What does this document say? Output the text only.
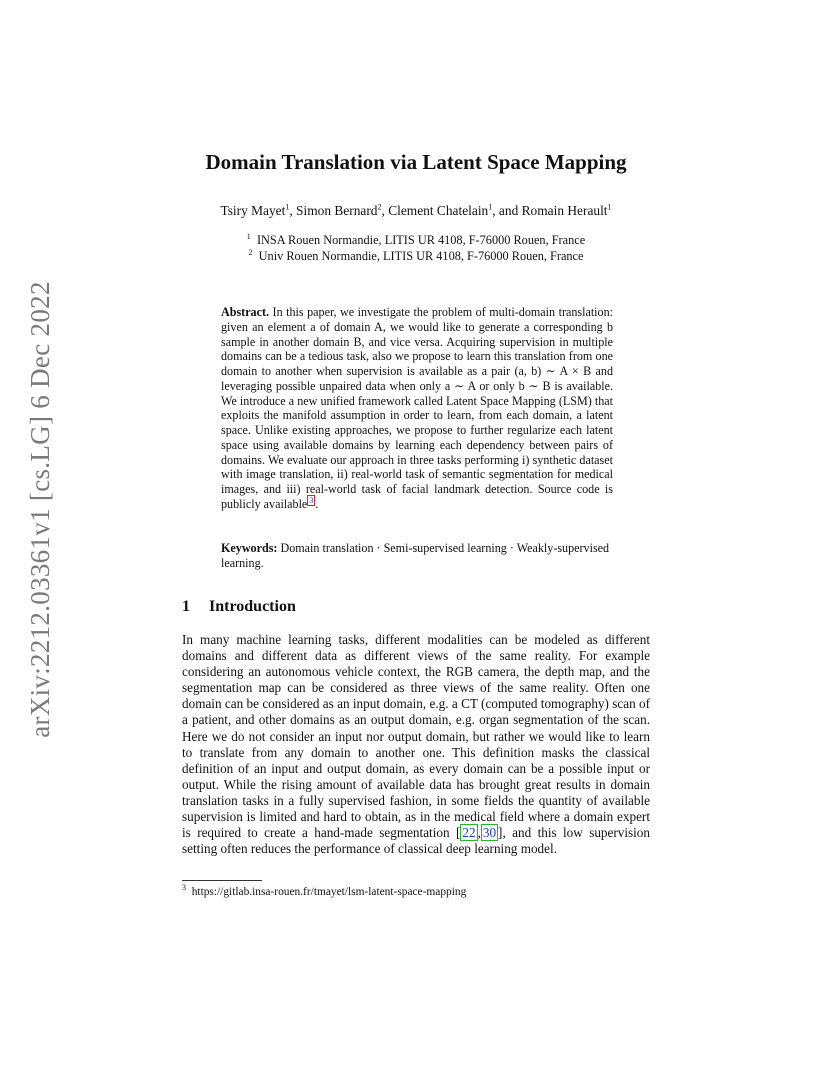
arXiv:2212.03361v1 [cs.LG] 6 Dec 2022
Domain Translation via Latent Space Mapping

Tsiry Mayet$^1$, Simon Bernard$^2$, Clement Chatelain$^1$, and Romain Herault$^1$

$^1$ INSA Rouen Normandie, LITIS UR 4108, F-76000 Rouen, France
$^2$ Univ Rouen Normandie, LITIS UR 4108, F-76000 Rouen, France

Abstract. In this paper, we investigate the problem of multi-domain translation: given an element a of domain A, we would like to generate a corresponding b sample in another domain B, and vice versa. Acquiring supervision in multiple domains can be a tedious task, also we propose to learn this translation from one domain to another when supervision is available as a pair (a, b) ∼ A × B and leveraging possible unpaired data when only a ∼ A or only b ∼ B is available. We introduce a new unified framework called Latent Space Mapping (LSM) that exploits the manifold assumption in order to learn, from each domain, a latent space. Unlike existing approaches, we propose to further regularize each latent space using available domains by learning each dependency between pairs of domains. We evaluate our approach in three tasks performing i) synthetic dataset with image translation, ii) real-world task of semantic segmentation for medical images, and iii) real-world task of facial landmark detection. Source code is publicly available $^3$ .

Keywords: Domain translation · Semi-supervised learning · Weakly-supervised learning.

1 Introduction

In many machine learning tasks, different modalities can be modeled as different domains and different data as different views of the same reality. For example considering an autonomous vehicle context, the RGB camera, the depth map, and the segmentation map can be considered as three views of the same reality. Often one domain can be considered as an input domain, e.g. a CT (computed tomography) scan of a patient, and other domains as an output domain, e.g. organ segmentation of the scan. Here we do not consider an input nor output domain, but rather we would like to learn to translate from any domain to another one. This definition masks the classical definition of an input and output domain, as every domain can be a possible input or output. While the rising amount of available data has brought great results in domain translation tasks in a fully supervised fashion, in some fields the quantity of available supervision is limited and hard to obtain, as in the medical field where a domain expert is required to create a hand-made segmentation [ 22 , 30 ], and this low supervision setting often reduces the performance of classical deep learning model.

$^3$ https://gitlab.insa-rouen.fr/tmayet/lsm-latent-space-mapping
